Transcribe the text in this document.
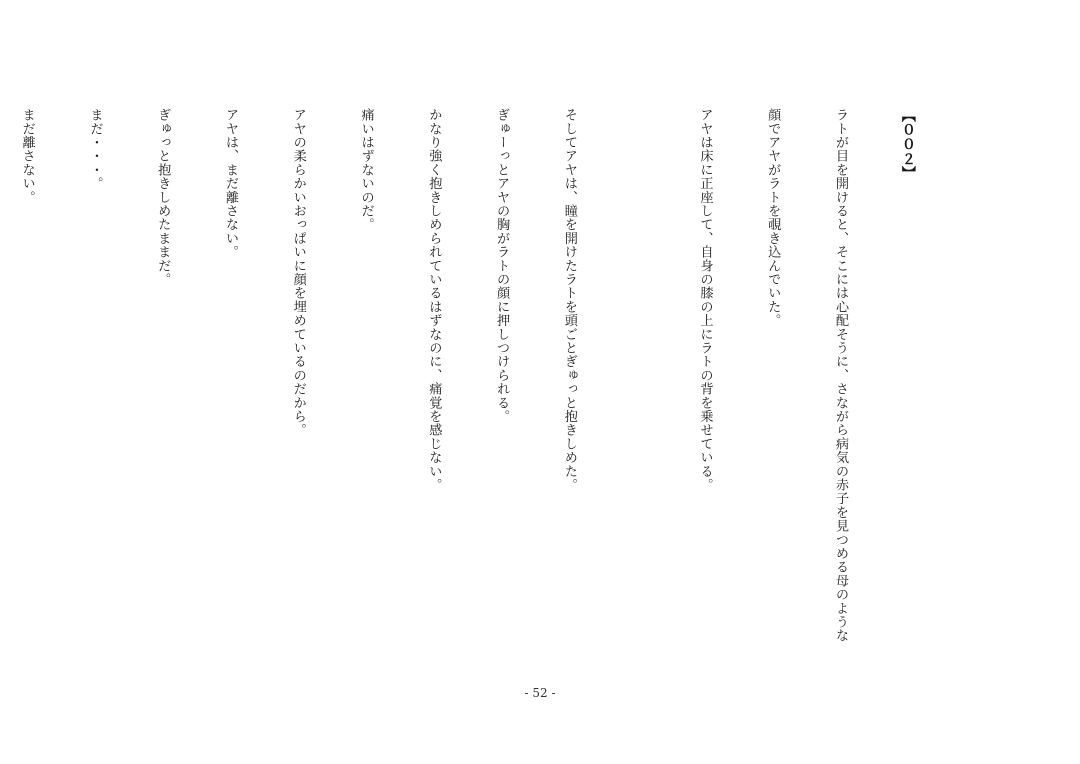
【００２】

ラトが目を開けると、そこには心配そうに、さながら病気の赤子を見つめる母のような

顔でアヤがラトを覗き込んでいた。

アヤは床に正座して、自身の膝の上にラトの背を乗せている。

そしてアヤは、瞳を開けたラトを頭ごとぎゅっと抱きしめた。

ぎゅーっとアヤの胸がラトの顔に押しつけられる。

かなり強く抱きしめられているはずなのに、痛覚を感じない。

痛いはずないのだ。

アヤの柔らかいおっぱいに顔を埋めているのだから。

アヤは、まだ離さない。

ぎゅっと抱きしめたままだ。

まだ・・・。

まだ離さない。

- 52 -
